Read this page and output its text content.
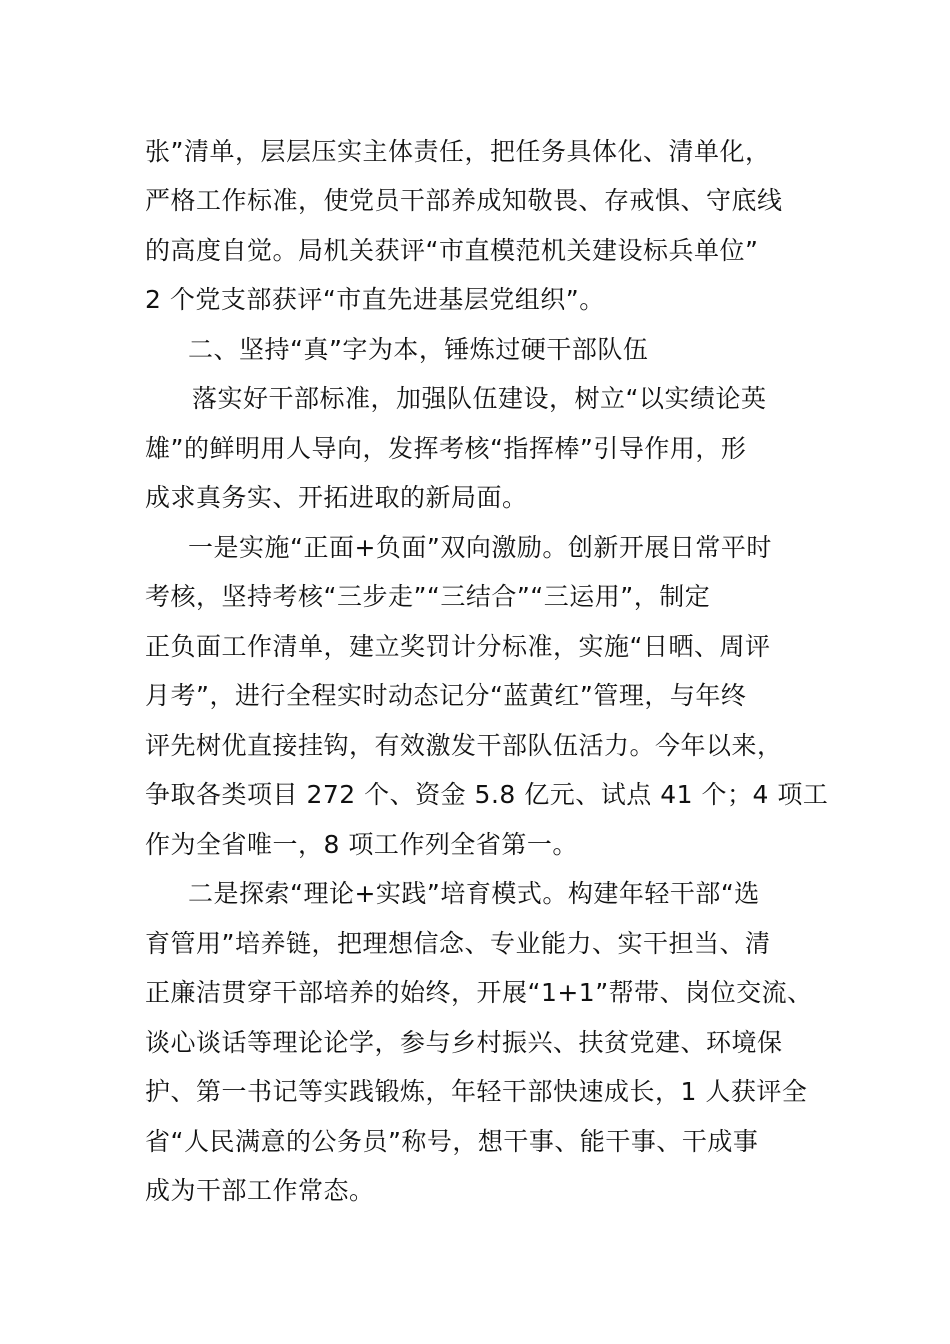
张”清单，层层压实主体责任，把任务具体化、清单化，
严格工作标准，使党员干部养成知敬畏、存戒惧、守底线
的高度自觉。局机关获评“市直模范机关建设标兵单位”
2 个党支部获评“市直先进基层党组织”。
二、坚持“真”字为本，锤炼过硬干部队伍
落实好干部标准，加强队伍建设，树立“以实绩论英
雄”的鲜明用人导向，发挥考核“指挥棒”引导作用，形
成求真务实、开拓进取的新局面。
一是实施“正面+负面”双向激励。创新开展日常平时
考核，坚持考核“三步走”“三结合”“三运用”，制定
正负面工作清单，建立奖罚计分标准，实施“日晒、周评
月考”，进行全程实时动态记分“蓝黄红”管理，与年终
评先树优直接挂钩，有效激发干部队伍活力。今年以来，
争取各类项目 272 个、资金 5.8 亿元、试点 41 个；4 项工
作为全省唯一，8 项工作列全省第一。
二是探索“理论+实践”培育模式。构建年轻干部“选
育管用”培养链，把理想信念、专业能力、实干担当、清
正廉洁贯穿干部培养的始终，开展“1+1”帮带、岗位交流、
谈心谈话等理论论学，参与乡村振兴、扶贫党建、环境保
护、第一书记等实践锻炼，年轻干部快速成长，1 人获评全
省“人民满意的公务员”称号，想干事、能干事、干成事
成为干部工作常态。
